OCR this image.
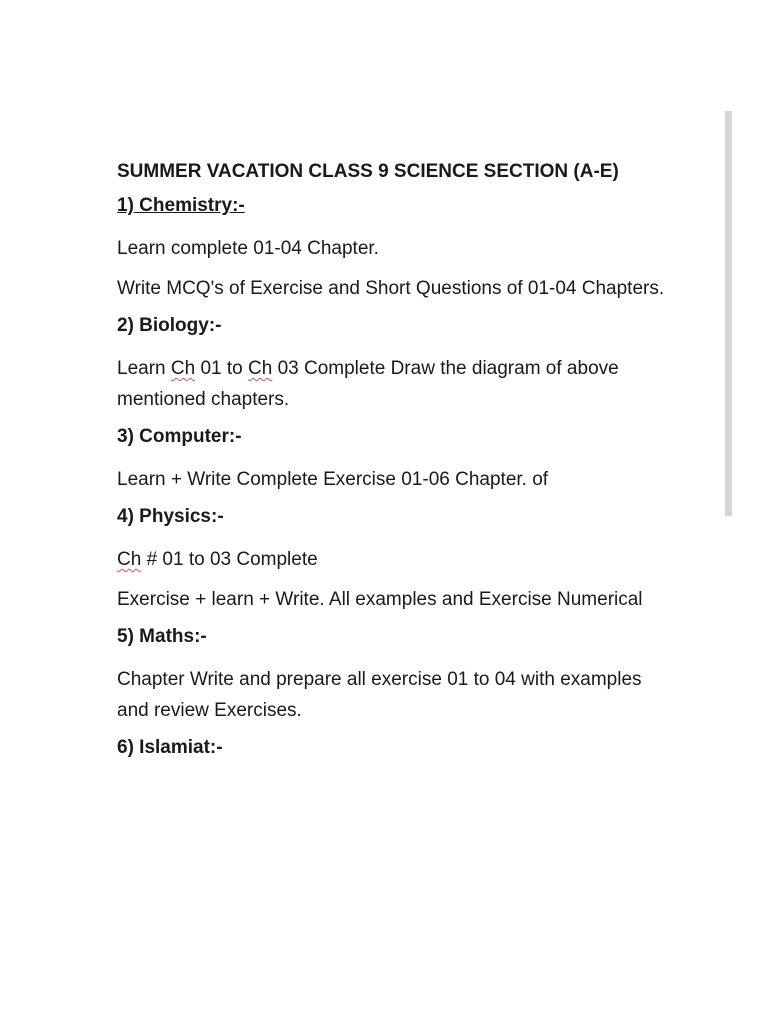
SUMMER VACATION CLASS 9 SCIENCE SECTION (A-E)
1) Chemistry:-
Learn complete 01-04 Chapter.
Write MCQ's of Exercise and Short Questions of 01-04 Chapters.
2) Biology:-
Learn Ch 01 to Ch 03 Complete Draw the diagram of above mentioned chapters.
3) Computer:-
Learn + Write Complete Exercise 01-06 Chapter. of
4) Physics:-
Ch # 01 to 03 Complete
Exercise + learn + Write. All examples and Exercise Numerical
5) Maths:-
Chapter Write and prepare all exercise 01 to 04 with examples and review Exercises.
6) Islamiat:-
